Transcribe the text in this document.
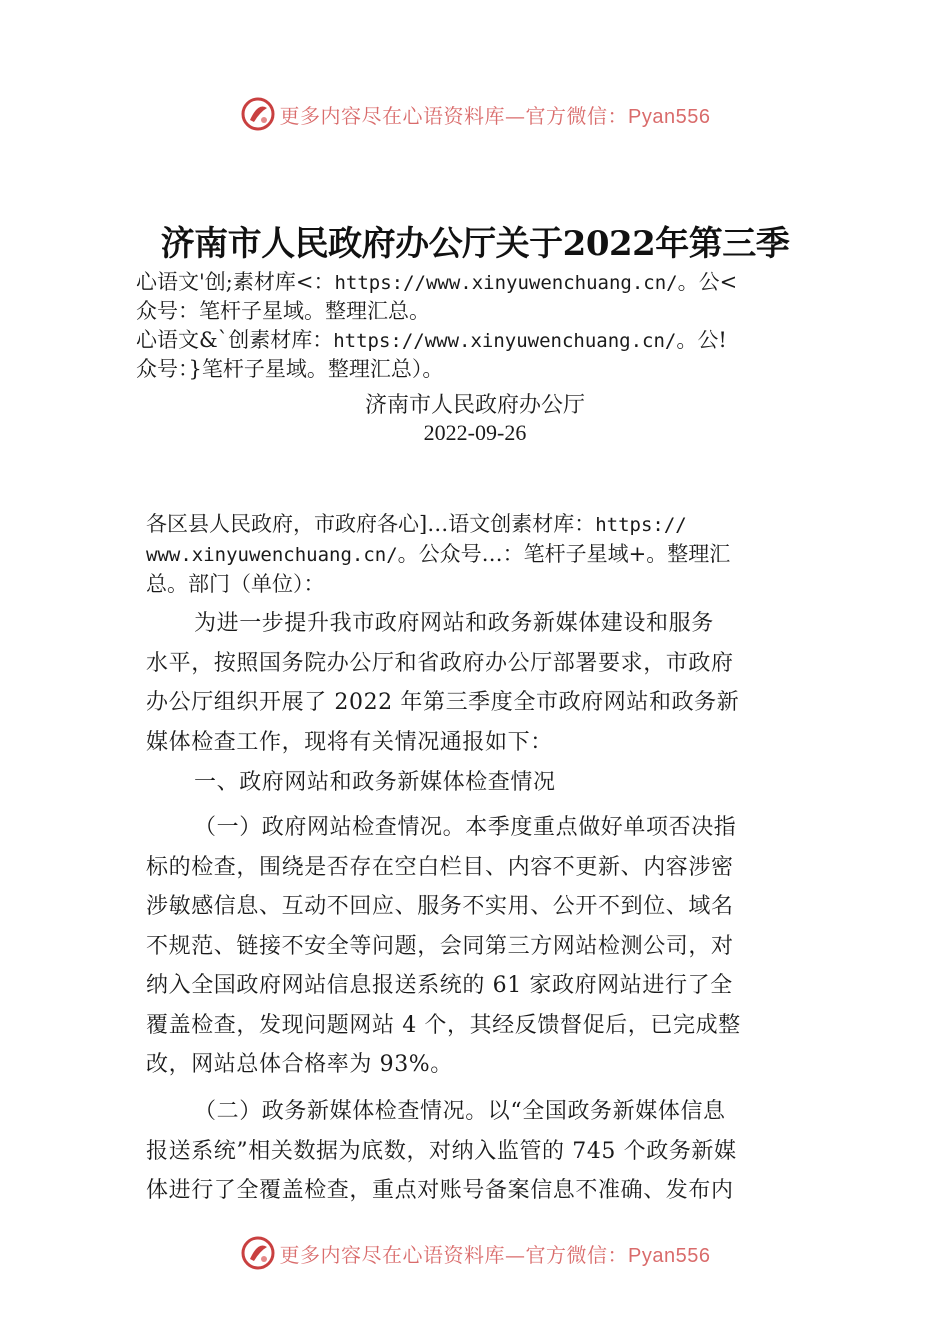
更多内容尽在心语资料库—官方微信：Pyan556
济南市人民政府办公厅关于2022年第三季
心语文'创;素材库<：https://www.xinyuwenchuang.cn/。公<
众号：笔杆子星域。整理汇总。
心语文&`创素材库：https://www.xinyuwenchuang.cn/。公!
众号：}笔杆子星域。整理汇总）。
济南市人民政府办公厅
2022-09-26
各区县人民政府，市政府各心]…语文创素材库：https://
www.xinyuwenchuang.cn/。公众号…：笔杆子星域+。整理汇
总。部门（单位）：

为进一步提升我市政府网站和政务新媒体建设和服务
水平，按照国务院办公厅和省政府办公厅部署要求，市政府
办公厅组织开展了 2022 年第三季度全市政府网站和政务新
媒体检查工作，现将有关情况通报如下：

一、政府网站和政务新媒体检查情况

（一）政府网站检查情况。本季度重点做好单项否决指
标的检查，围绕是否存在空白栏目、内容不更新、内容涉密
涉敏感信息、互动不回应、服务不实用、公开不到位、域名
不规范、链接不安全等问题，会同第三方网站检测公司，对
纳入全国政府网站信息报送系统的 61 家政府网站进行了全
覆盖检查，发现问题网站 4 个，其经反馈督促后，已完成整
改，网站总体合格率为 93%。

（二）政务新媒体检查情况。以“全国政务新媒体信息
报送系统”相关数据为底数，对纳入监管的 745 个政务新媒
体进行了全覆盖检查，重点对账号备案信息不准确、发布内

更多内容尽在心语资料库—官方微信：Pyan556
